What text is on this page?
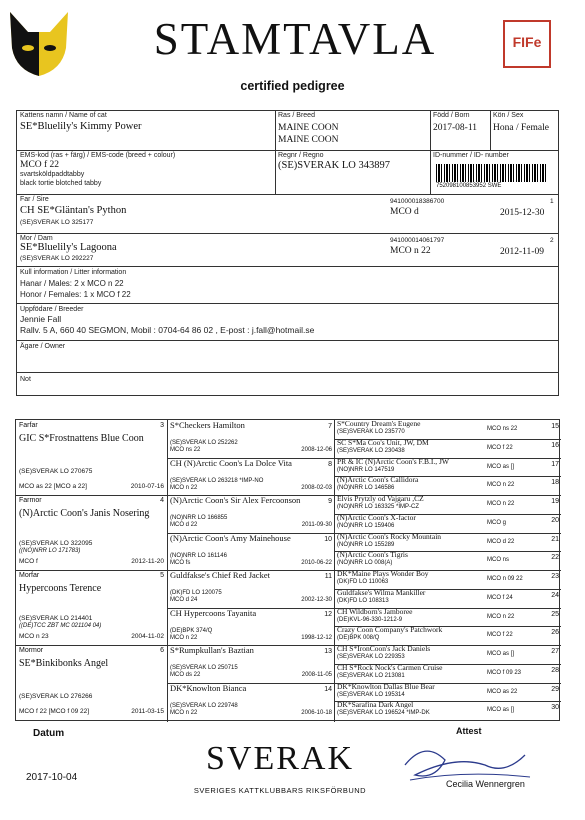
STAMTAVLA	FIFe
certified pedigree
Kattens namn / Name of cat
SE*Bluelily's Kimmy Power
Ras / Breed
MAINE COON
MAINE COON
Född / Born
2017-08-11
Kön / Sex
Hona / Female
EMS-kod (ras + färg) / EMS-code (breed + colour)
MCO f 22
svartsköldpaddtabby
black tortie blotched tabby
Regnr / Regno
(SE)SVERAK LO 343897
ID-nummer / ID- number
752098100853952 SWE
Far / Sire
CH SE*Gläntan's Python
(SE)SVERAK LO 325177
941000018386700
MCO d	2015-12-30
1
Mor / Dam
SE*Bluelily's Lagoona
(SE)SVERAK LO 292227
941000014061797
MCO n 22	2012-11-09
2
Kull information / Litter information
Hanar / Males: 2 x MCO n 22
Honor / Females: 1 x MCO f 22
Uppfödare / Breeder
Jennie Fall
Rallv. 5 A, 660 40 SEGMON, Mobil : 0704-64 86 02 , E-post : j.fall@hotmail.se
Ägare / Owner
Not
Farfar	3
GIC S*Frostnattens Blue Coon
(SE)SVERAK LO 270675
MCO as 22 [MCO a 22]	2010-07-16
Farmor	4
(N)Arctic Coon's Janis Nosering
(SE)SVERAK LO 322095
((NO)NRR LO 171783)
MCO f	2012-11-20
Morfar	5
Hypercoons Terence
(SE)SVERAK LO 214401
((DE)TCC ZBT MC 021104 04)
MCO n 23	2004-11-02
Mormor	6
SE*Binkibonks Angel
(SE)SVERAK LO 276266
MCO f 22 [MCO f 09 22]	2011-03-15
S*Checkers Hamilton	7
(SE)SVERAK LO 252262
MCO ns 22	2008-12-06
CH (N)Arctic Coon's La Dolce Vita	8
(SE)SVERAK LO 263218 *IMP-NO
MCO n 22	2008-02-03
(N)Arctic Coon's Sir Alex Fercoonson	9
(NO)NRR LO 166855
MCO d 22	2011-09-30
(N)Arctic Coon's Amy Mainehouse	10
(NO)NRR LO 161146
MCO fs	2010-06-22
Guldfakse's Chief Red Jacket	11
(DK)FD LO 120075
MCO d 24	2002-12-30
CH Hypercoons Tayanita	12
(DE)BPK 374/Q
MCO n 22	1998-12-12
S*Rumpkullan's Baztian	13
(SE)SVERAK LO 250715
MCO ds 22	2008-11-05
DK*Knowlton Bianca	14
(SE)SVERAK LO 229748
MCO n 22	2006-10-18
S*Country Dream's Eugene
(SE)SVERAK LO 235770	MCO ns 22	15
SC S*Ma Coo's Unit, JW, DM
(SE)SVERAK LO 230438	MCO f 22	16
PR & IC (N)Arctic Coon's F.B.I., JW
(NO)NRR LO 147519	MCO as []	17
(N)Arctic Coon's Callidora
(NO)NRR LO 146586	MCO n 22	18
Elvis Prytzly od Vajgaru ,CZ
(NO)NRR LO 163325 *IMP-CZ	MCO n 22	19
(N)Arctic Coon's X-factor
(NO)NRR LO 159406	MCO g	20
(N)Arctic Coon's Rocky Mountain
(NO)NRR LO 155289	MCO d 22	21
(N)Arctic Coon's Tigris
(NO)NRR LO 008(A)	MCO ns	22
DK*Maine Plays Wonder Boy
(DK)FD LO 110063	MCO n 09 22	23
Guldfakse's Wilma Mankiller
(DK)FD LO 108313	MCO f 24	24
CH Wildborn's Jamboree
(DE)KVL-96-330-1212-9	MCO n 22	25
Crazy Coon Company's Patchwork
(DE)BPK 008/Q	MCO f 22	26
CH S*IronCoon's Jack Daniels
(SE)SVERAK LO 229353	MCO as []	27
CH S*Rock Nock's Carmen Cruise
(SE)SVERAK LO 213081	MCO f 09 23	28
DK*Knowlton Dallas Blue Bear
(SE)SVERAK LO 195314	MCO as 22	29
DK*Sarafina Dark Angel
(SE)SVERAK LO 196524 *IMP-DK	MCO as []	30
Datum
2017-10-04
SVERAK
SVERIGES KATTKLUBBARS RIKSFÖRBUND
Attest
Cecilia Wennergren
